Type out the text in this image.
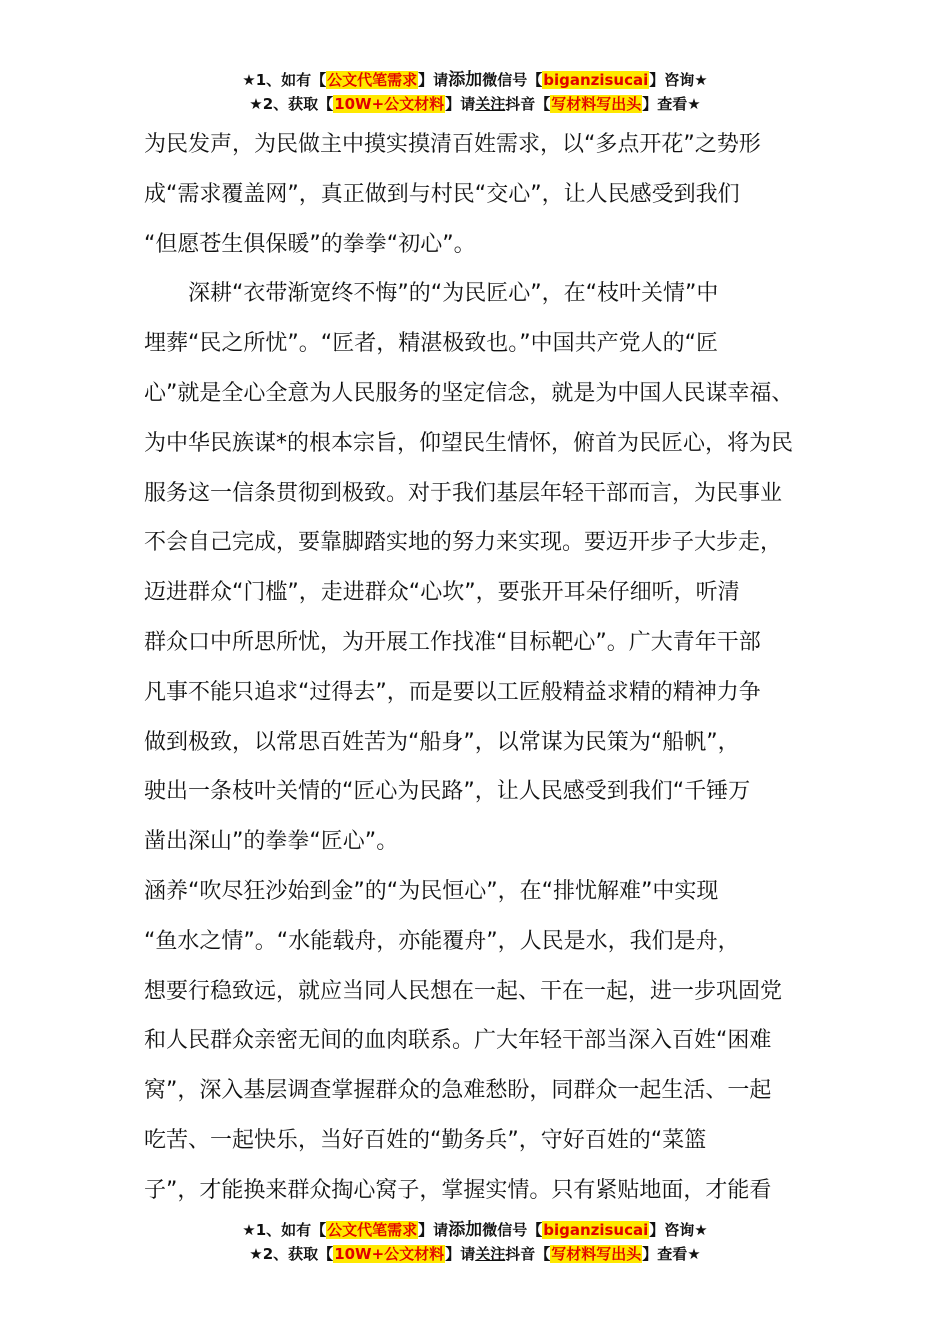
★1、如有【公文代笔需求】请添加微信号【biganzisucai】咨询★
★2、获取【10W+公文材料】请关注抖音【写材料写出头】查看★
为民发声，为民做主中摸实摸清百姓需求，以“多点开花”之势形
成“需求覆盖网”，真正做到与村民“交心”，让人民感受到我们
“但愿苍生俱保暖”的拳拳“初心”。
深耕“衣带渐宽终不悔”的“为民匠心”，在“枝叶关情”中
埋葬“民之所忧”。“匠者，精湛极致也。”中国共产党人的“匠
心”就是全心全意为人民服务的坚定信念，就是为中国人民谋幸福、
为中华民族谋*的根本宗旨，仰望民生情怀，俯首为民匠心，将为民
服务这一信条贯彻到极致。对于我们基层年轻干部而言，为民事业
不会自己完成，要靠脚踏实地的努力来实现。要迈开步子大步走，
迈进群众“门槛”，走进群众“心坎”，要张开耳朵仔细听，听清
群众口中所思所忧，为开展工作找准“目标靶心”。广大青年干部
凡事不能只追求“过得去”，而是要以工匠般精益求精的精神力争
做到极致，以常思百姓苦为“船身”，以常谋为民策为“船帆”，
驶出一条枝叶关情的“匠心为民路”，让人民感受到我们“千锤万
凿出深山”的拳拳“匠心”。
涵养“吹尽狂沙始到金”的“为民恒心”，在“排忧解难”中实现
“鱼水之情”。“水能载舟，亦能覆舟”，人民是水，我们是舟，
想要行稳致远，就应当同人民想在一起、干在一起，进一步巩固党
和人民群众亲密无间的血肉联系。广大年轻干部当深入百姓“困难
窝”，深入基层调查掌握群众的急难愁盼，同群众一起生活、一起
吃苦、一起快乐，当好百姓的“勤务兵”，守好百姓的“菜篮
子”，才能换来群众掏心窝子，掌握实情。只有紧贴地面，才能看
★1、如有【公文代笔需求】请添加微信号【biganzisucai】咨询★
★2、获取【10W+公文材料】请关注抖音【写材料写出头】查看★
